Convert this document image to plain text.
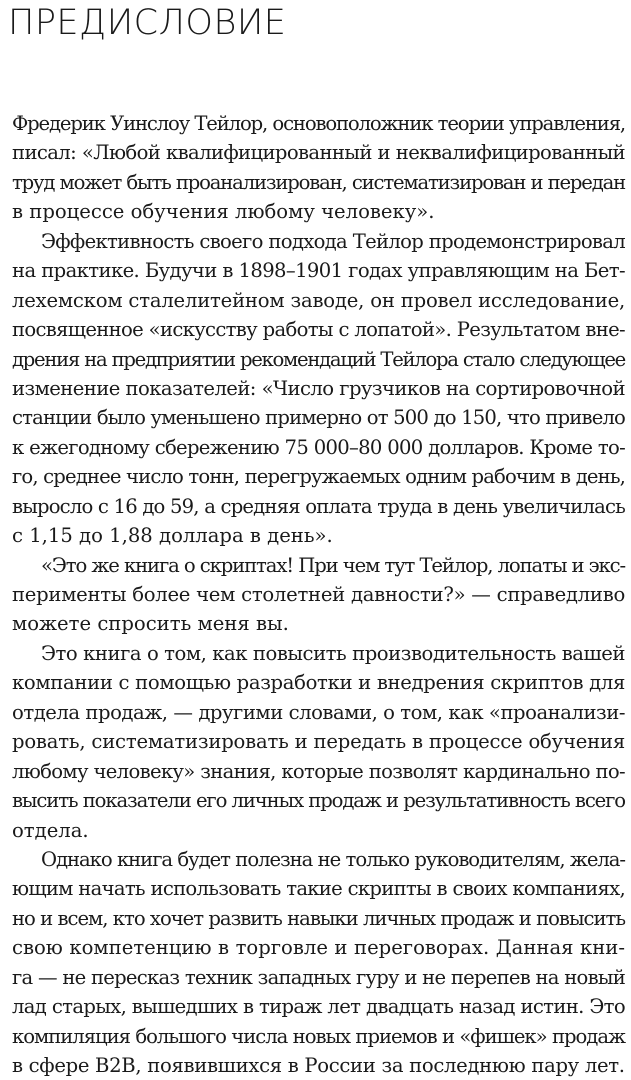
ПРЕДИСЛОВИЕ
Фредерик Уинслоу Тейлор, основоположник теории управления,
писал: «Любой квалифицированный и неквалифицированный
труд может быть проанализирован, систематизирован и передан
в процессе обучения любому человеку».
Эффективность своего подхода Тейлор продемонстрировал
на практике. Будучи в 1898–1901 годах управляющим на Бет-
лехемском сталелитейном заводе, он провел исследование,
посвященное «искусству работы с лопатой». Результатом вне-
дрения на предприятии рекомендаций Тейлора стало следующее
изменение показателей: «Число грузчиков на сортировочной
станции было уменьшено примерно от 500 до 150, что привело
к ежегодному сбережению 75 000–80 000 долларов. Кроме то-
го, среднее число тонн, перегружаемых одним рабочим в день,
выросло с 16 до 59, а средняя оплата труда в день увеличилась
с 1,15 до 1,88 доллара в день».
«Это же книга о скриптах! При чем тут Тейлор, лопаты и экс-
перименты более чем столетней давности?» — справедливо
можете спросить меня вы.
Это книга о том, как повысить производительность вашей
компании с помощью разработки и внедрения скриптов для
отдела продаж, — другими словами, о том, как «проанализи-
ровать, систематизировать и передать в процессе обучения
любому человеку» знания, которые позволят кардинально по-
высить показатели его личных продаж и результативность всего
отдела.
Однако книга будет полезна не только руководителям, жела-
ющим начать использовать такие скрипты в своих компаниях,
но и всем, кто хочет развить навыки личных продаж и повысить
свою компетенцию в торговле и переговорах. Данная кни-
га — не пересказ техник западных гуру и не перепев на новый
лад старых, вышедших в тираж лет двадцать назад истин. Это
компиляция большого числа новых приемов и «фишек» продаж
в сфере B2B, появившихся в России за последнюю пару лет.
